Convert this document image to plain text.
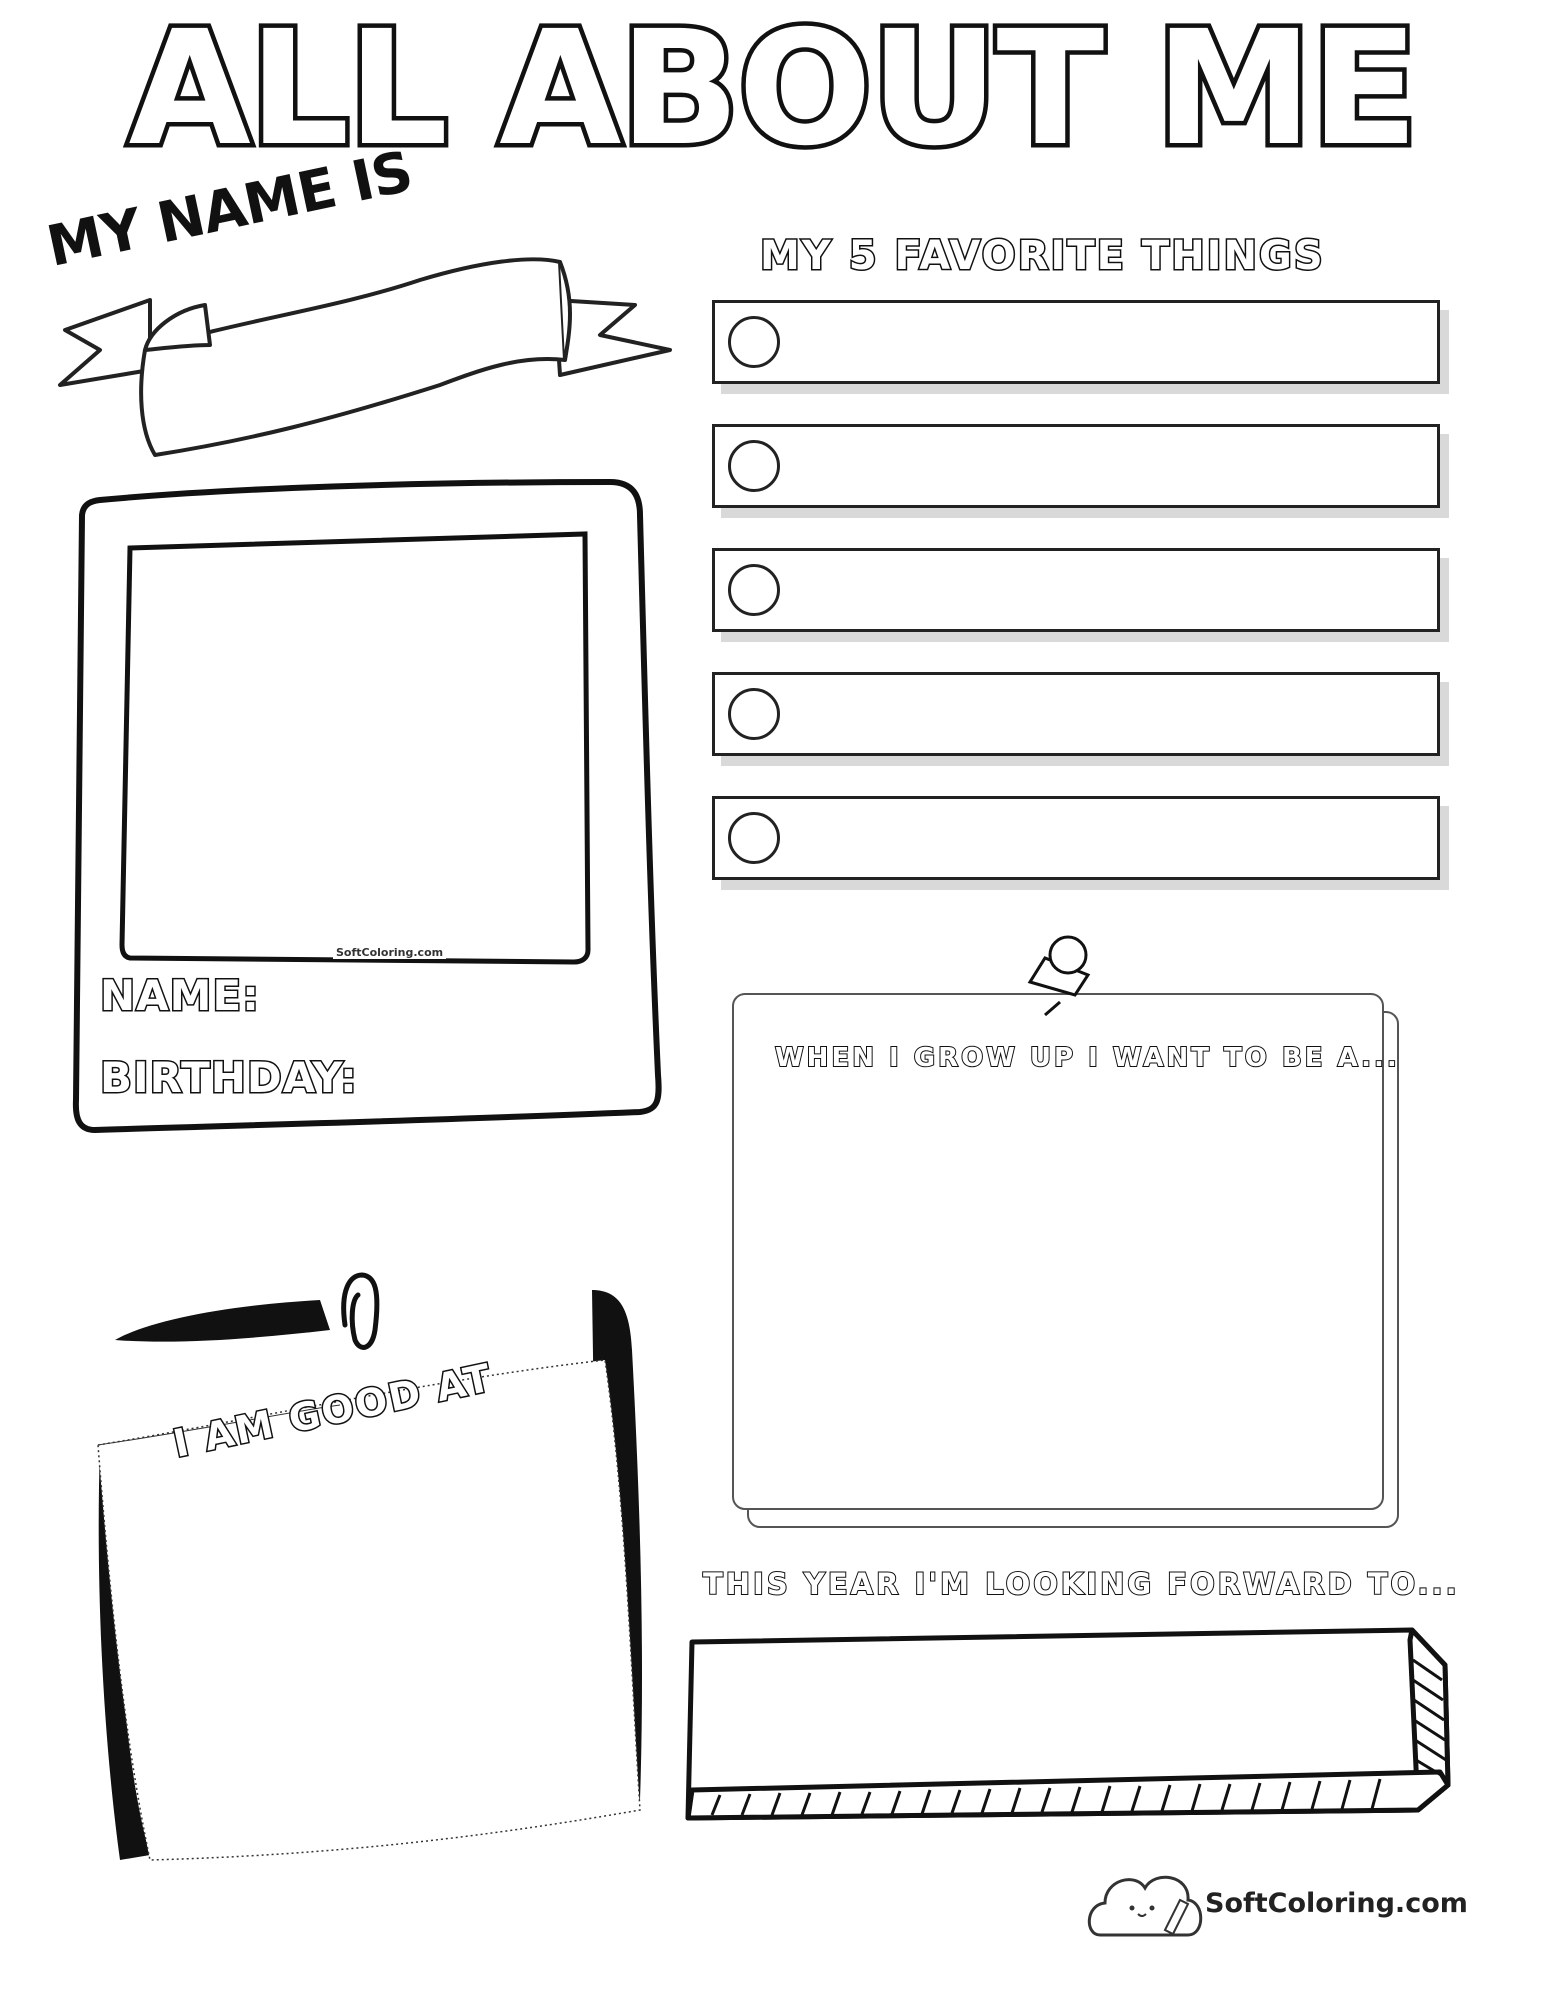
ALL ABOUT ME
MY NAME IS	MY 5 FAVORITE THINGS
SoftColoring.com
NAME:
BIRTHDAY:	WHEN I GROW UP I WANT TO BE A...
I AM GOOD AT
THIS YEAR I'M LOOKING FORWARD TO...
SoftColoring.com
